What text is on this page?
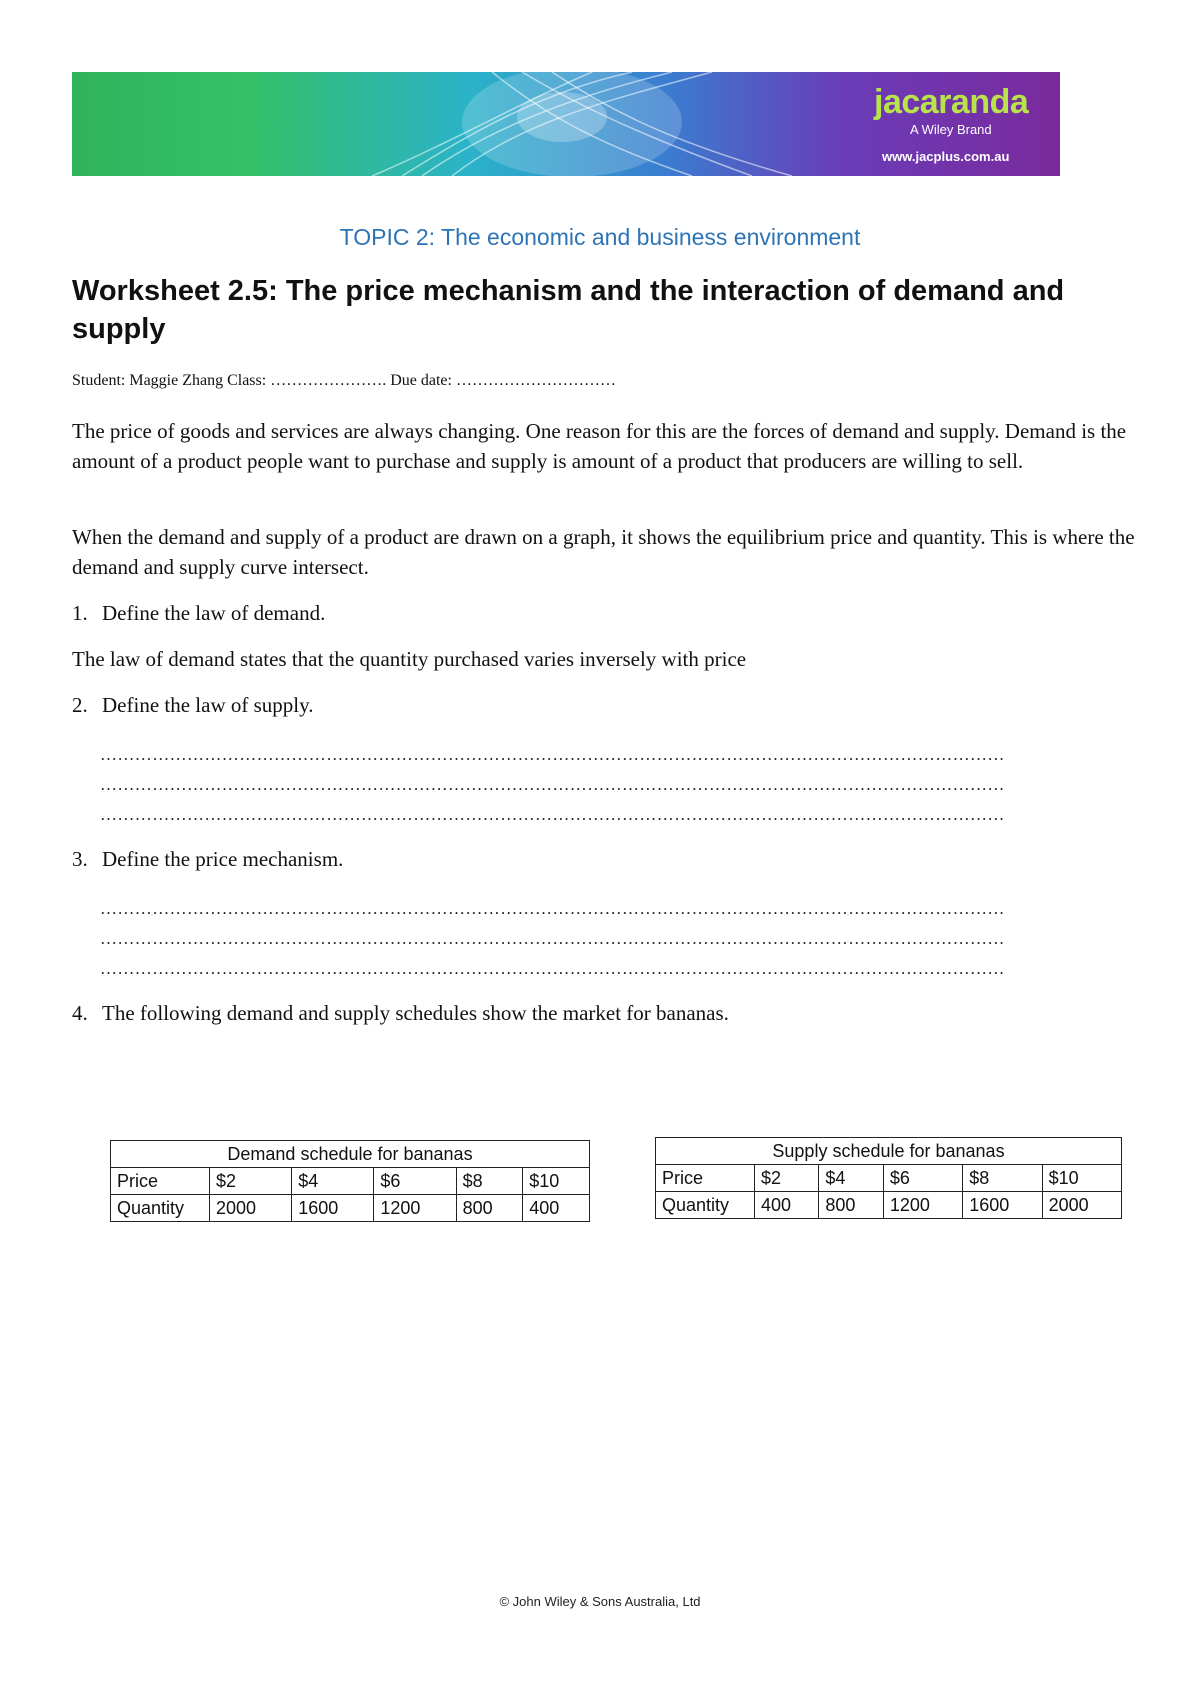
jacaranda
A Wiley Brand
www.jacplus.com.au
TOPIC 2: The economic and business environment
Worksheet 2.5: The price mechanism and the interaction of demand and supply
Student: Maggie Zhang Class: …………………. Due date: …………………………
The price of goods and services are always changing. One reason for this are the forces of demand and supply. Demand is the amount of a product people want to purchase and supply is amount of a product that producers are willing to sell.
When the demand and supply of a product are drawn on a graph, it shows the equilibrium price and quantity. This is where the demand and supply curve intersect.
1. Define the law of demand.
The law of demand states that the quantity purchased varies inversely with price
2. Define the law of supply.
…………………………………………………………………………………………………………………………………………
…………………………………………………………………………………………………………………………………………
…………………………………………………………………………………………………………………………………………
3. Define the price mechanism.
…………………………………………………………………………………………………………………………………………
…………………………………………………………………………………………………………………………………………
…………………………………………………………………………………………………………………………………………
4. The following demand and supply schedules show the market for bananas.
Demand schedule for bananas					
Price	$2	$4	$6	$8	$10
Quantity	2000	1600	1200	800	400
Supply schedule for bananas					
Price	$2	$4	$6	$8	$10
Quantity	400	800	1200	1600	2000
© John Wiley & Sons Australia, Ltd
